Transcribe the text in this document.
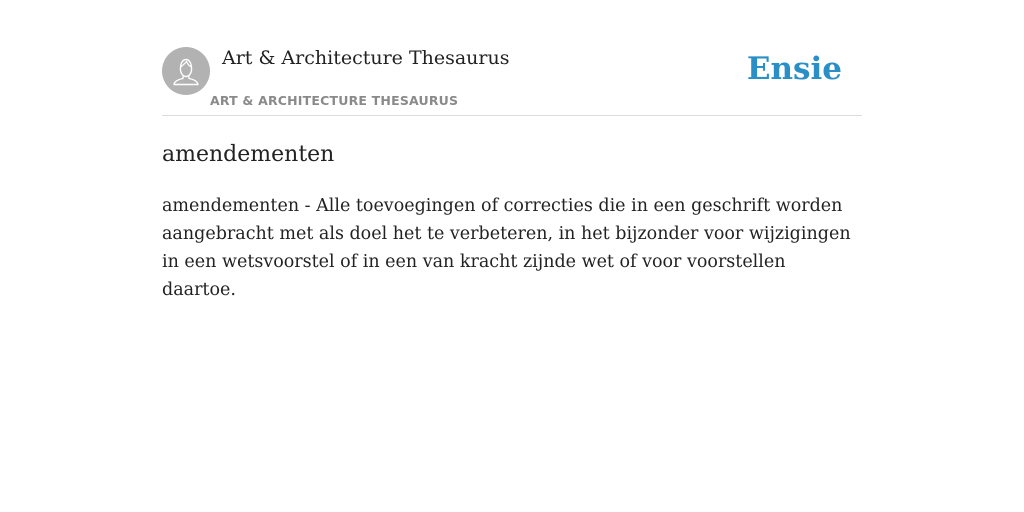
Art & Architecture Thesaurus
ART & ARCHITECTURE THESAURUS
Ensie
amendementen

amendementen - Alle toevoegingen of correcties die in een geschrift worden aangebracht met als doel het te verbeteren, in het bijzonder voor wijzigingen in een wetsvoorstel of in een van kracht zijnde wet of voor voorstellen daartoe.
